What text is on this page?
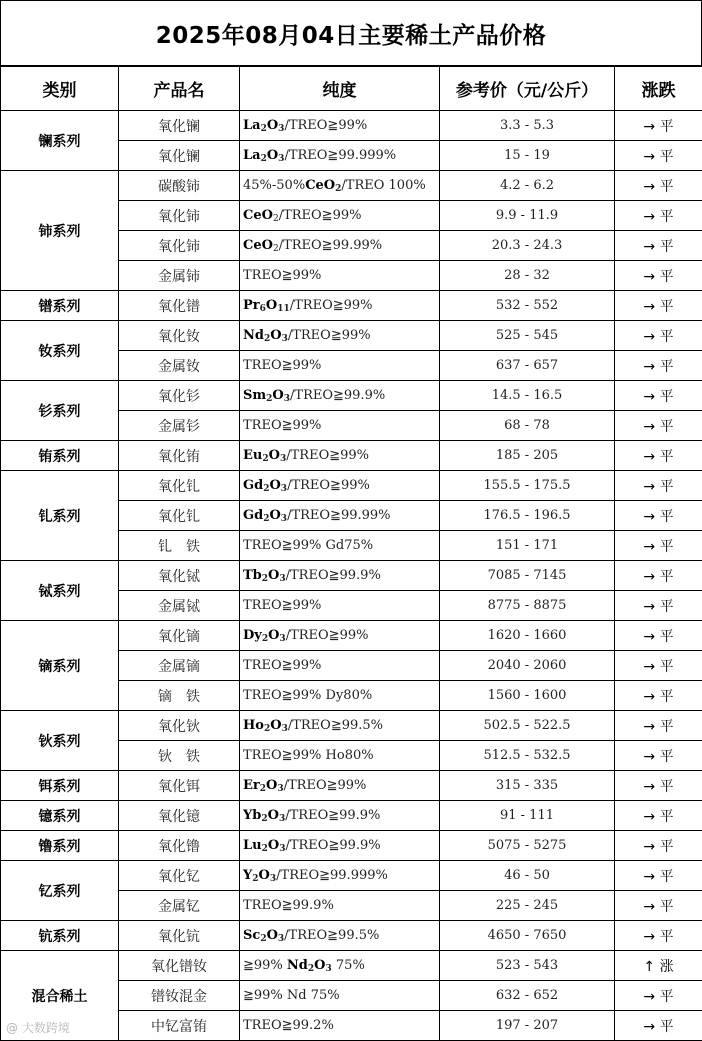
2025年08月04日主要稀土产品价格
类别	产品名	纯度	参考价（元/公斤）	涨跌
镧系列	氧化镧	$La_2O_3/TREO≧99\%$	3.3 - 5.3	→ 平
	氧化镧	$La_2O_3/TREO≧99.999\%$	15 - 19	→ 平
铈系列	碳酸铈	45%-50%CeO$_2$/TREO 100%	4.2 - 6.2	→ 平
	氧化铈	CeO$_2$/TREO≧99%	9.9 - 11.9	→ 平
	氧化铈	CeO$_2$/TREO≧99.99%	20.3 - 24.3	→ 平
	金属铈	TREO≧99%	28 - 32	→ 平
镨系列	氧化镨	$Pr_6O_{11}/TREO≧99\%$	532 - 552	→ 平
钕系列	氧化钕	$Nd_2O_3/TREO≧99\%$	525 - 545	→ 平
	金属钕	TREO≧99%	637 - 657	→ 平
钐系列	氧化钐	$Sm_2O_3/TREO≧99.9\%$	14.5 - 16.5	→ 平
	金属钐	TREO≧99%	68 - 78	→ 平
铕系列	氧化铕	$Eu_2O_3/TREO≧99\%$	185 - 205	→ 平
钆系列	氧化钆	$Gd_2O_3/TREO≧99\%$	155.5 - 175.5	→ 平
	氧化钆	$Gd_2O_3/TREO≧99.99\%$	176.5 - 196.5	→ 平
	钆　铁	TREO≧99% Gd75%	151 - 171	→ 平
铽系列	氧化铽	$Tb_2O_3/TREO≧99.9\%$	7085 - 7145	→ 平
	金属铽	TREO≧99%	8775 - 8875	→ 平
镝系列	氧化镝	$Dy_2O_3/TREO≧99\%$	1620 - 1660	→ 平
	金属镝	TREO≧99%	2040 - 2060	→ 平
	镝　铁	TREO≧99% Dy80%	1560 - 1600	→ 平
钬系列	氧化钬	$Ho_2O_3/TREO≧99.5\%$	502.5 - 522.5	→ 平
	钬　铁	TREO≧99% Ho80%	512.5 - 532.5	→ 平
铒系列	氧化铒	$Er_2O_3/TREO≧99\%$	315 - 335	→ 平
镱系列	氧化镱	$Yb_2O_3/TREO≧99.9\%$	91 - 111	→ 平
镥系列	氧化镥	$Lu_2O_3/TREO≧99.9\%$	5075 - 5275	→ 平
钇系列	氧化钇	$Y_2O_3/TREO≧99.999\%$	46 - 50	→ 平
	金属钇	TREO≧99.9%	225 - 245	→ 平
钪系列	氧化钪	$Sc_2O_3/TREO≧99.5\%$	4650 - 7650	→ 平
混合稀土	氧化镨钕	≧99% $Nd_2O_3$ 75%	523 - 543	↑ 涨
	镨钕混金	≧99% Nd 75%	632 - 652	→ 平
	中钇富铕	TREO≧99.2%	197 - 207	→ 平
@ 大数跨境
